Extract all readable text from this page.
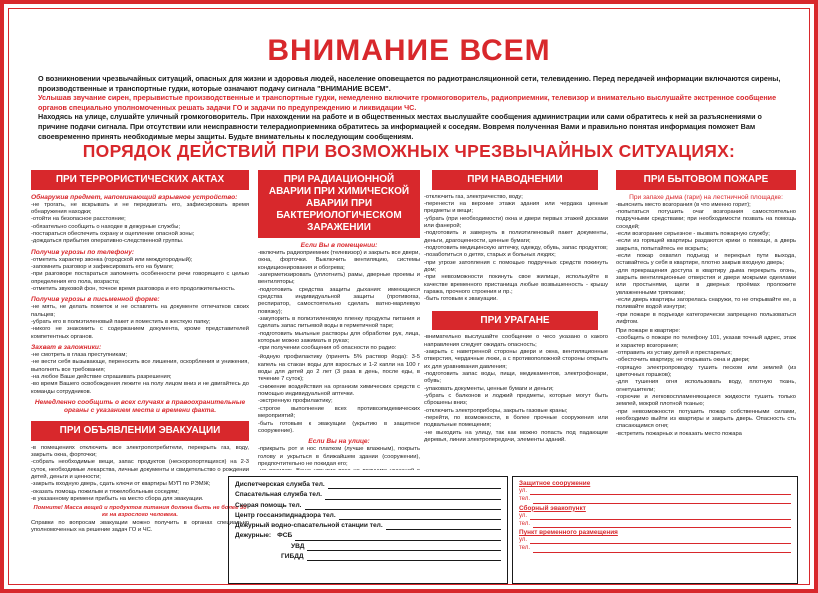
ВНИМАНИЕ ВСЕМ
О возникновении чрезвычайных ситуаций, опасных для жизни и здоровья людей, население оповещается по радиотрансляционной сети, телевидению. Перед передачей информации включаются сирены, производственные и транспортные гудки, которые означают подачу сигнала "ВНИМАНИЕ ВСЕМ".
Услышав звучание сирен, прерывистые производственные и транспортные гудки, немедленно включите громкоговоритель, радиоприемник, телевизор и внимательно выслушайте экстренное сообщение органов специально уполномоченных решать задачи ГО и задачи по предупреждению и ликвидации ЧС.
Находясь на улице, слушайте уличный громкоговоритель. При нахождении на работе и в общественных местах выслушайте сообщения администрации или сами обратитесь к ней за разъяснениями о причине подачи сигнала. При отсутствии или неисправности телерадиоприемника обратитесь за информацией к соседям. Вовремя полученная Вами и правильно понятая информация поможет Вам своевременно принять необходимые меры защиты. Будьте внимательны к последующим сообщениям.
ПОРЯДОК ДЕЙСТВИЙ ПРИ ВОЗМОЖНЫХ ЧРЕЗВЫЧАЙНЫХ СИТУАЦИЯХ:
ПРИ ТЕРРОРИСТИЧЕСКИХ АКТАХ
Обнаружив предмет, напоминающий взрывное устройство:
-не трогать, не вскрывать и не передвигать его, зафиксировать время обнаружения находки;
-отойти на безопасное расстояние;
-обязательно сообщить о находке в дежурные службы;
-постараться обеспечить охрану и оцепление опасной зоны;
-дождаться прибытия оперативно-следственной группы.
Получив угрозы по телефону:
-отметить характер звонка (городской или междугородный);
-запомнить разговор и зафиксировать его на бумаге;
-при разговоре постараться запомнить особенности речи говорящего с целью определения его пола, возраста;
-отметить звуковой фон, точное время разговора и его продолжительность.
Получив угрозы в письменной форме:
-не мять, не делать пометок и не оставлять на документе отпечатков своих пальцев;
-убрать его в полиэтиленовый пакет и поместить в жесткую папку;
-никого не знакомить с содержанием документа, кроме представителей компетентных органов.
Захват в заложники:
-не смотреть в глаза преступникам;
-не вести себя вызывающе, переносить все лишения, оскорбления и унижения, выполнять все требования;
-на любое Ваше действие спрашивать разрешения;
-во время Вашего освобождения лежите на полу лицом вниз и не двигайтесь до команды сотрудников.
Немедленно сообщить о всех случаях в правоохранительные органы с указанием места и времени факта.
ПРИ ОБЪЯВЛЕНИИ ЭВАКУАЦИИ
-в помещениях отключить все электропотребители, перекрыть газ, воду, закрыть окна, форточки;
-собрать необходимые вещи, запас продуктов (нескоропортящихся) на 2-3 суток, необходимые лекарства, личные документы и свидетельство о рождении детей, деньги и ценности;
-закрыть входную дверь, сдать ключи от квартиры МУП по РЭМЖ;
-оказать помощь пожилым и тяжелобольным соседям;
-в указанному времени прибыть на место сбора для эвакуации.
Помните! Масса вещей и продуктов питания должна быть не более 50 кг на взрослого человека.
Справки по вопросам эвакуации можно получить в органах специально уполномоченных на решение задач ГО и ЧС.
ПРИ РАДИАЦИОННОЙ АВАРИИ ПРИ ХИМИЧЕСКОЙ АВАРИИ ПРИ БАКТЕРИОЛОГИЧЕСКОМ ЗАРАЖЕНИИ
Если Вы в помещении:
-включить радиоприемник (телевизор) и закрыть все двери, окна, форточки. Выключить вентиляцию, системы кондиционирования и обогрева;
-загерметизировать (уплотнить) рамы, дверные проемы и вентиляторы;
-подготовить средства защиты дыхания: имеющиеся средства индивидуальной защиты (противогаз, респиратор, самостоятельно сделать ватно-марлевую повязку);
-закупорить в полиэтиленовую пленку продукты питания и сделать запас питьевой воды в герметичной таре;
-подготовить мыльные растворы для обработки рук, лица, которые можно зажимать в руках;
-при получении сообщения об опасности по радио:
-йодную профилактику (принять 5% раствор йода): 3-5 капель на стакан воды для взрослых и 1-2 капли на 100 г воды для детей до 2 лет (3 раза в день, после еды, в течение 7 суток);
-снижение воздействия на организм химических средств с помощью индивидуальной аптечки.
-экстренную профилактику;
-строгое выполнение всех противоэпидемических мероприятий;
-быть готовым к эвакуации (укрытию в защитное сооружение).
Если Вы на улице:
-прикрыть рот и нос платком (лучше влажным), покрыть голову и укрыться в ближайшем здании (сооружении), предпочтительно не покидая его;

ПРИ НАВОДНЕНИИ
-отключить газ, электричество, воду;
-перенести на верхние этажи здания или чердака ценные предметы и вещи;
-убрать (при необходимости) окна и двери первых этажей досками или фанерой;
-подготовить и завернуть в полиэтиленовый пакет документы, деньги, драгоценности, ценные бумаги;
-подготовить медицинскую аптечку, одежду, обувь, запас продуктов;
-позаботиться о детях, старых и больных людях;
-при угрозе затопления с помощью подручных средств покинуть дом;
-при невозможности покинуть свое жилище, используйте в качестве временного пристанища любые возвышенность - крышу гаража, прочного строения и пр.;
-быть готовым к эвакуации.
ПРИ УРАГАНЕ
-внимательно выслушайте сообщение о чесо указано о какого направления следует ожидать опасность;
-закрыть с наветренной стороны двери и окна, вентиляционные отверстия, чердачные люки, а с противоположной стороны открыть их для уравнивания давления;
-подготовить запас воды, пищи, медикаментов, электрофонари, обувь;
-упаковать документы, ценные бумаги и деньги;
-убрать с балконов и лоджий предметы, которые могут быть сброшены вниз;
-отключить электроприборы, закрыть газовые краны;
-перейти, по возможности, в более прочные сооружения или подвальные помещения;
-не выходить на улицу, так как можно попасть под падающие деревья, линии электропередачи, элементы зданий.
ПРИ БЫТОВОМ ПОЖАРЕ
При запахе дыма (гари) на лестничной площадке:
-выяснить место возгорания (в что именно горит);
-попытаться потушить очаг возгорания самостоятельно подручными средствами; при необходимости позвать на помощь соседей;
-если возгорание серьезное - вызвать пожарную службу;
-если из горящей квартиры раздаются крики о помощи, а дверь закрыта, попытайтесь ее вскрыть;
-если пожар охватил подъезд и перекрыл пути выхода, оставайтесь у себя в квартире, плотно закрыв входную дверь;
-для прекращения доступа в квартиру дыма перекрыть огонь, закрыть вентиляционные отверстия и двери мокрыми одеялами или простынями, щели в дверных проёмах проложите увлажненными тряпками;
-если дверь квартиры загорелась снаружи, то не открывайте ее, а поливайте водой изнутри;
-при пожаре в подъезде категорически запрещено пользоваться лифтом.
При пожаре в квартире:
-сообщить о пожаре по телефону 101, указав точный адрес, этаж и характер возгорания;
-отправить из уставу детей и престарелых;
-обесточить квартиру, не открывать окна и двери;
-горящую электропроводку тушить песком или землей (из цветочных горшков);
-для тушения огня использовать воду, плотную ткань, огнетушители;
-горючие и легковоспламеняющиеся жидкости тушить только землей, мокрой плотной тканью;
-при невозможности потушить пожар собственными силами, необходимо выйти из квартиры и закрыть дверь. Опасность сть спасающимся огня;
-встретить пожарных и показать место пожара
Диспетчерская служба тел.
Спасательная служба тел.
Скорая помощь тел.
Центр госсанэпиднадзора тел.
Дежурный водно-спасательной станции тел.
Дежурные: ФСБ
УВД
ГИБДД
Защитное сооружение
ул.
тел.
Сборный эвакопункт
ул.
тел.
Пункт временного размещения
ул.
тел.
